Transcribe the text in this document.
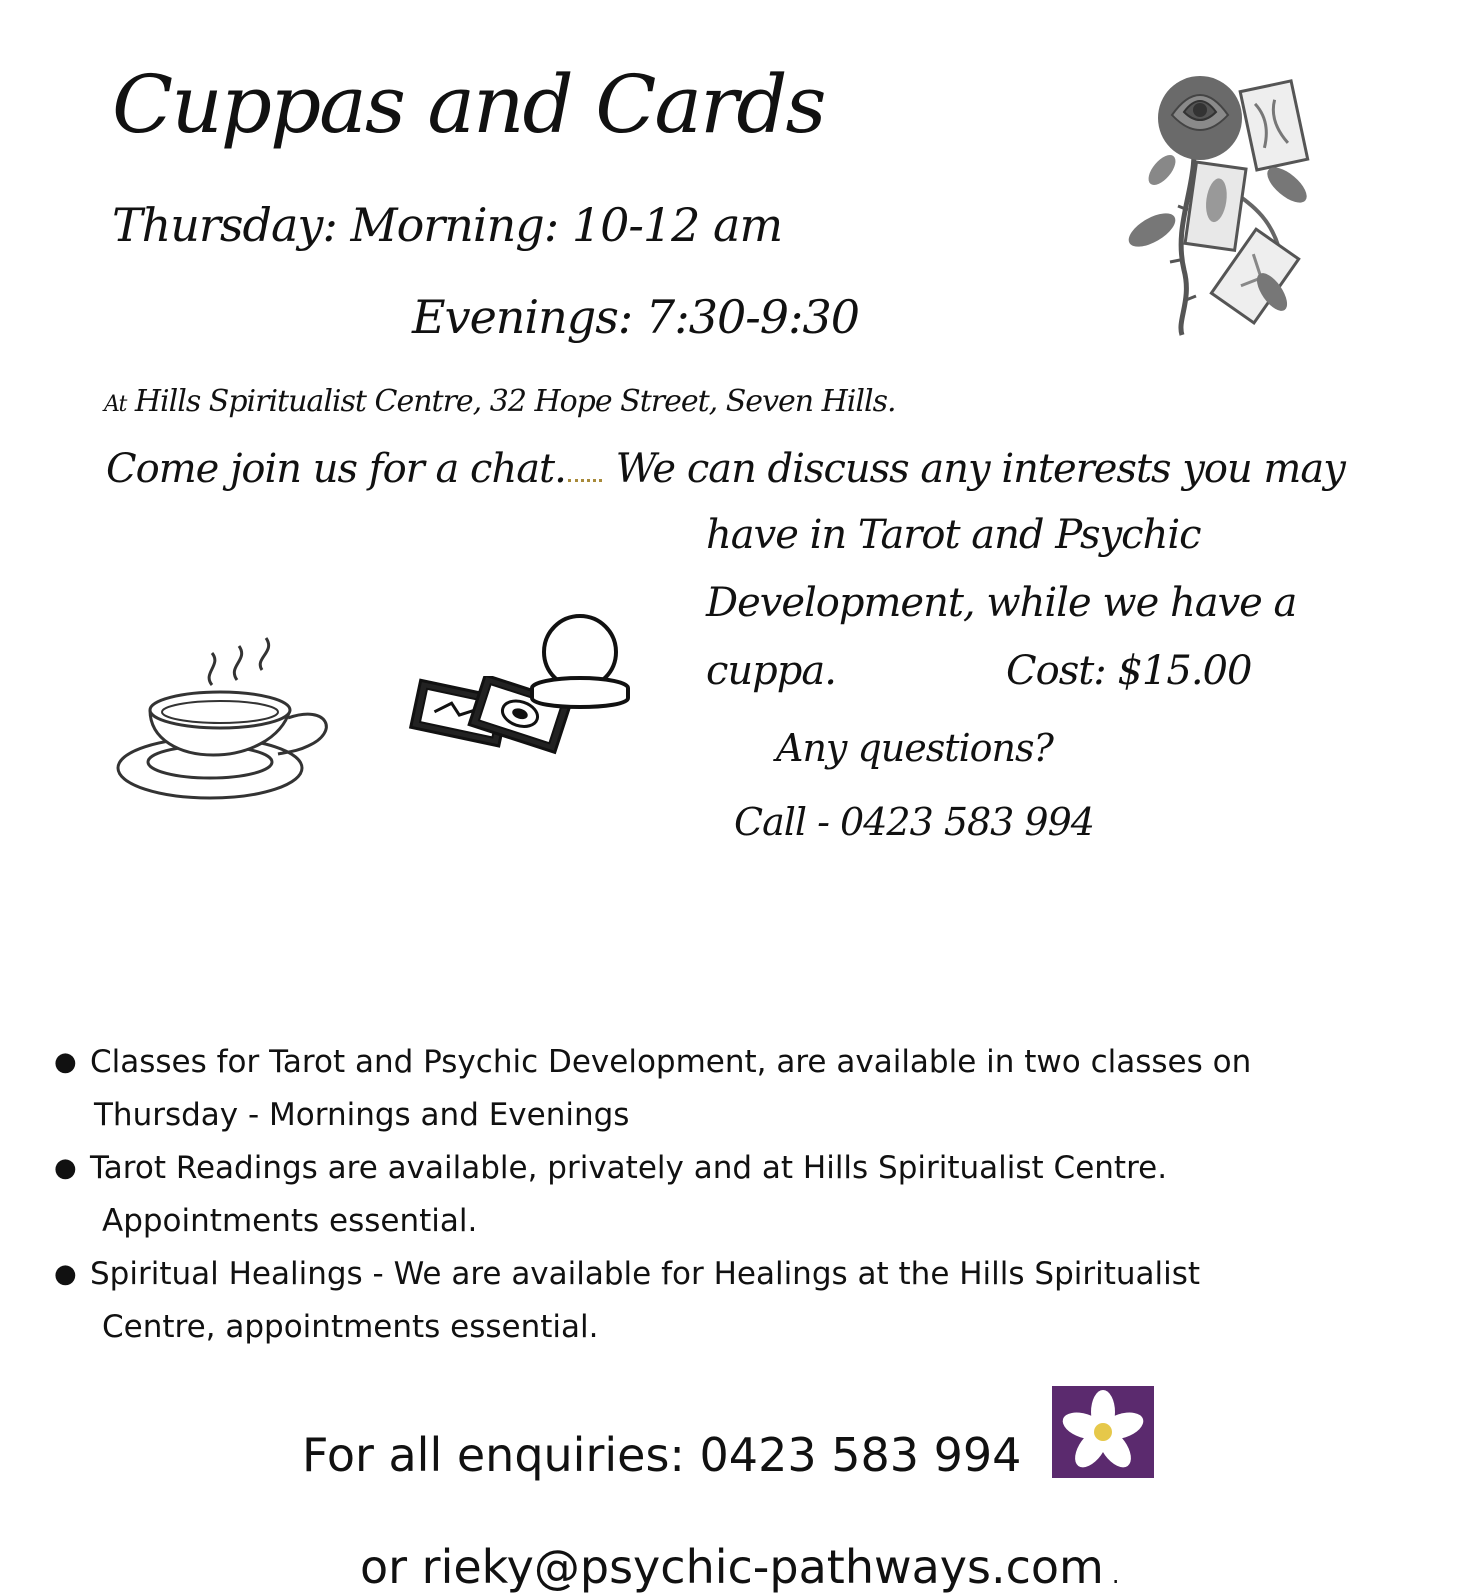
Cuppas and Cards
Thursday: Morning: 10-12 am
Evenings: 7:30-9:30
At Hills Spiritualist Centre, 32 Hope Street, Seven Hills.
Come join us for a chat. We can discuss any interests you may
have in Tarot and Psychic
Development, while we have a
cuppa.	Cost: $15.00
Any questions?
Call - 0423 583 994
● Classes for Tarot and Psychic Development, are available in two classes on
Thursday - Mornings and Evenings
● Tarot Readings are available, privately and at Hills Spiritualist Centre.
Appointments essential.
● Spiritual Healings - We are available for Healings at the Hills Spiritualist
Centre, appointments essential.
For all enquiries: 0423 583 994
or rieky@psychic-pathways.com .
